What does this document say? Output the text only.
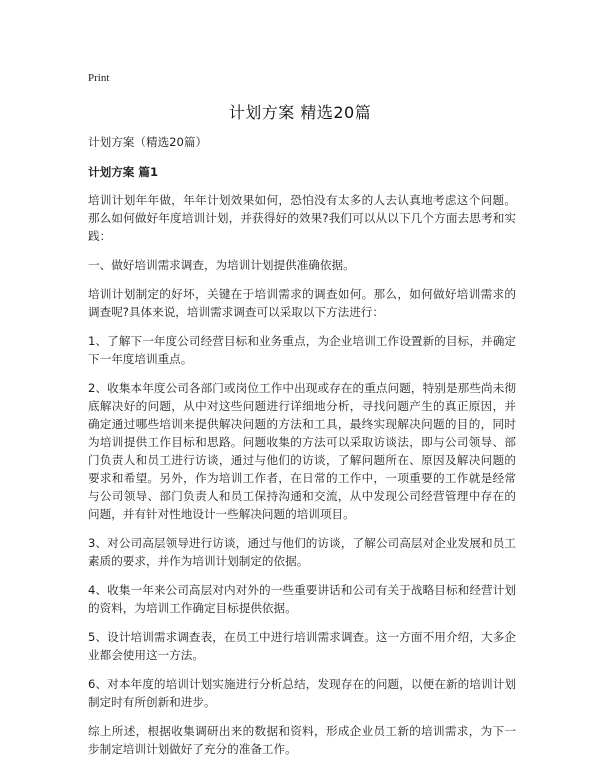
Print
计划方案 精选20篇

计划方案（精选20篇）

计划方案 篇1

培训计划年年做，年年计划效果如何，恐怕没有太多的人去认真地考虑这个问题。那么如何做好年度培训计划，并获得好的效果?我们可以从以下几个方面去思考和实践：

一、做好培训需求调查，为培训计划提供准确依据。

培训计划制定的好坏，关键在于培训需求的调查如何。那么，如何做好培训需求的调查呢?具体来说，培训需求调查可以采取以下方法进行：

1、了解下一年度公司经营目标和业务重点，为企业培训工作设置新的目标，并确定下一年度培训重点。

2、收集本年度公司各部门或岗位工作中出现或存在的重点问题，特别是那些尚未彻底解决好的问题，从中对这些问题进行详细地分析，寻找问题产生的真正原因，并确定通过哪些培训来提供解决问题的方法和工具，最终实现解决问题的目的，同时为培训提供工作目标和思路。问题收集的方法可以采取访谈法，即与公司领导、部门负责人和员工进行访谈，通过与他们的访谈，了解问题所在、原因及解决问题的要求和希望。另外，作为培训工作者，在日常的工作中，一项重要的工作就是经常与公司领导、部门负责人和员工保持沟通和交流，从中发现公司经营管理中存在的问题，并有针对性地设计一些解决问题的培训项目。

3、对公司高层领导进行访谈，通过与他们的访谈，了解公司高层对企业发展和员工素质的要求，并作为培训计划制定的依据。

4、收集一年来公司高层对内对外的一些重要讲话和公司有关于战略目标和经营计划的资料，为培训工作确定目标提供依据。

5、设计培训需求调查表，在员工中进行培训需求调查。这一方面不用介绍，大多企业都会使用这一方法。

6、对本年度的培训计划实施进行分析总结，发现存在的问题，以便在新的培训计划制定时有所创新和进步。

综上所述，根据收集调研出来的数据和资料，形成企业员工新的培训需求，为下一步制定培训计划做好了充分的准备工作。
